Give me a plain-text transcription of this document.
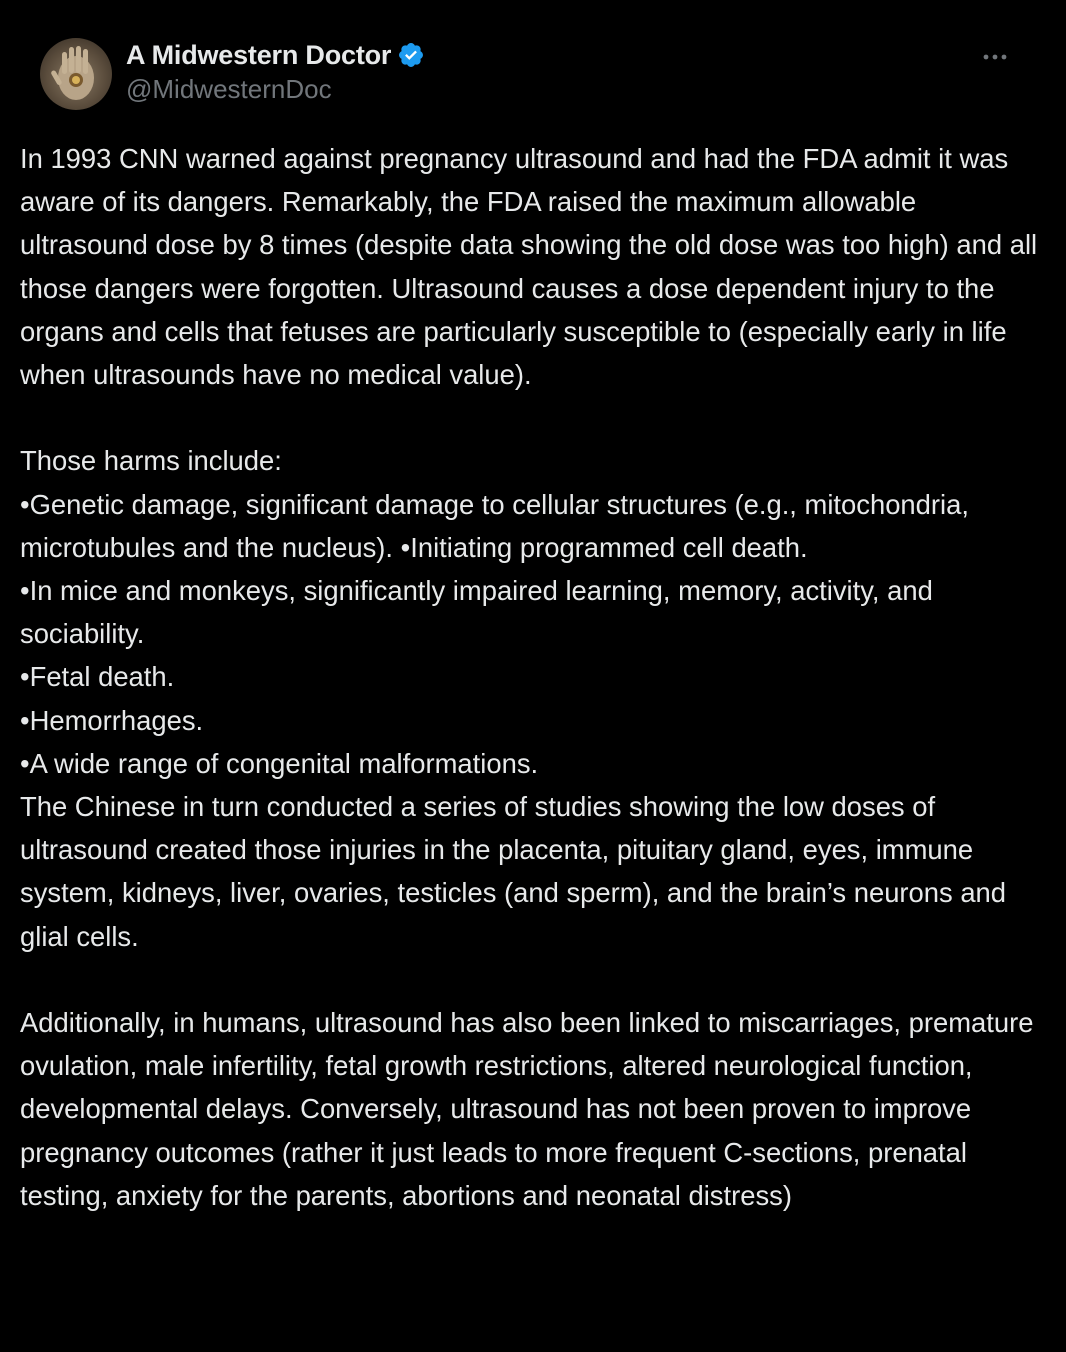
A Midwestern Doctor
@MidwesternDoc

In 1993 CNN warned against pregnancy ultrasound and had the FDA admit it was aware of its dangers. Remarkably, the FDA raised the maximum allowable ultrasound dose by 8 times (despite data showing the old dose was too high) and all those dangers were forgotten. Ultrasound causes a dose dependent injury to the organs and cells that fetuses are particularly susceptible to (especially early in life when ultrasounds have no medical value).

Those harms include:
•Genetic damage, significant damage to cellular structures (e.g., mitochondria, microtubules and the nucleus). •Initiating programmed cell death.
•In mice and monkeys, significantly impaired learning, memory, activity, and sociability.
•Fetal death.
•Hemorrhages.
•A wide range of congenital malformations.
The Chinese in turn conducted a series of studies showing the low doses of ultrasound created those injuries in the placenta, pituitary gland, eyes, immune system, kidneys, liver, ovaries, testicles (and sperm), and the brain’s neurons and glial cells.

Additionally, in humans, ultrasound has also been linked to miscarriages, premature ovulation, male infertility, fetal growth restrictions, altered neurological function, developmental delays. Conversely, ultrasound has not been proven to improve pregnancy outcomes (rather it just leads to more frequent C-sections, prenatal testing, anxiety for the parents, abortions and neonatal distress)
